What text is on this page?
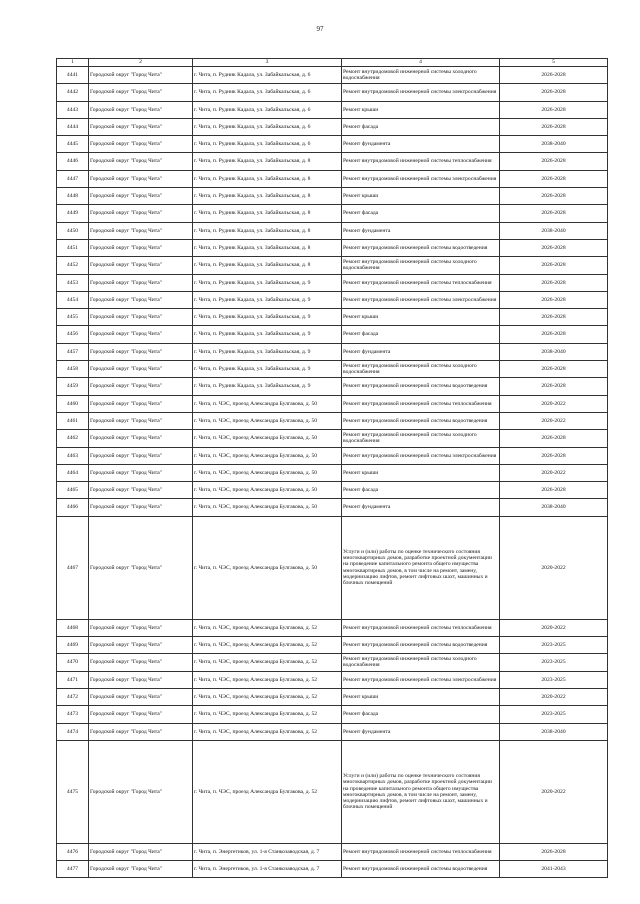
97
1	2	3	4	5
4441	Городской округ "Город Чита"	г. Чита, п. Рудник Кадала, ул. Забайкальская, д. 6	Ремонт внутридомовой инженерной системы холодного водоснабжения	2026-2028
4442	Городской округ "Город Чита"	г. Чита, п. Рудник Кадала, ул. Забайкальская, д. 6	Ремонт внутридомовой инженерной системы электроснабжения	2026-2028
4443	Городской округ "Город Чита"	г. Чита, п. Рудник Кадала, ул. Забайкальская, д. 6	Ремонт крыши	2026-2028
4444	Городской округ "Город Чита"	г. Чита, п. Рудник Кадала, ул. Забайкальская, д. 6	Ремонт фасада	2026-2028
4445	Городской округ "Город Чита"	г. Чита, п. Рудник Кадала, ул. Забайкальская, д. 6	Ремонт фундамента	2038-2040
4446	Городской округ "Город Чита"	г. Чита, п. Рудник Кадала, ул. Забайкальская, д. 8	Ремонт внутридомовой инженерной системы теплоснабжения	2026-2028
4447	Городской округ "Город Чита"	г. Чита, п. Рудник Кадала, ул. Забайкальская, д. 8	Ремонт внутридомовой инженерной системы электроснабжения	2026-2028
4448	Городской округ "Город Чита"	г. Чита, п. Рудник Кадала, ул. Забайкальская, д. 8	Ремонт крыши	2026-2028
4449	Городской округ "Город Чита"	г. Чита, п. Рудник Кадала, ул. Забайкальская, д. 8	Ремонт фасада	2026-2028
4450	Городской округ "Город Чита"	г. Чита, п. Рудник Кадала, ул. Забайкальская, д. 8	Ремонт фундамента	2038-2040
4451	Городской округ "Город Чита"	г. Чита, п. Рудник Кадала, ул. Забайкальская, д. 8	Ремонт внутридомовой инженерной системы водоотведения	2026-2028
4452	Городской округ "Город Чита"	г. Чита, п. Рудник Кадала, ул. Забайкальская, д. 8	Ремонт внутридомовой инженерной системы холодного водоснабжения	2026-2028
4453	Городской округ "Город Чита"	г. Чита, п. Рудник Кадала, ул. Забайкальская, д. 9	Ремонт внутридомовой инженерной системы теплоснабжения	2026-2028
4454	Городской округ "Город Чита"	г. Чита, п. Рудник Кадала, ул. Забайкальская, д. 9	Ремонт внутридомовой инженерной системы электроснабжения	2026-2028
4455	Городской округ "Город Чита"	г. Чита, п. Рудник Кадала, ул. Забайкальская, д. 9	Ремонт крыши	2026-2028
4456	Городской округ "Город Чита"	г. Чита, п. Рудник Кадала, ул. Забайкальская, д. 9	Ремонт фасада	2026-2028
4457	Городской округ "Город Чита"	г. Чита, п. Рудник Кадала, ул. Забайкальская, д. 9	Ремонт фундамента	2038-2040
4458	Городской округ "Город Чита"	г. Чита, п. Рудник Кадала, ул. Забайкальская, д. 9	Ремонт внутридомовой инженерной системы холодного водоснабжения	2026-2028
4459	Городской округ "Город Чита"	г. Чита, п. Рудник Кадала, ул. Забайкальская, д. 9	Ремонт внутридомовой инженерной системы водоотведения	2026-2028
4460	Городской округ "Город Чита"	г. Чита, п. ЧЭС, проезд Александра Булгакова, д. 50	Ремонт внутридомовой инженерной системы теплоснабжения	2020-2022
4461	Городской округ "Город Чита"	г. Чита, п. ЧЭС, проезд Александра Булгакова, д. 50	Ремонт внутридомовой инженерной системы водоотведения	2020-2022
4462	Городской округ "Город Чита"	г. Чита, п. ЧЭС, проезд Александра Булгакова, д. 50	Ремонт внутридомовой инженерной системы холодного водоснабжения	2026-2028
4463	Городской округ "Город Чита"	г. Чита, п. ЧЭС, проезд Александра Булгакова, д. 50	Ремонт внутридомовой инженерной системы электроснабжения	2026-2028
4464	Городской округ "Город Чита"	г. Чита, п. ЧЭС, проезд Александра Булгакова, д. 50	Ремонт крыши	2020-2022
4465	Городской округ "Город Чита"	г. Чита, п. ЧЭС, проезд Александра Булгакова, д. 50	Ремонт фасада	2026-2028
4466	Городской округ "Город Чита"	г. Чита, п. ЧЭС, проезд Александра Булгакова, д. 50	Ремонт фундамента	2038-2040
4467	Городской округ "Город Чита"	г. Чита, п. ЧЭС, проезд Александра Булгакова, д. 50	Услуги и (или) работы по оценке технического состояния многоквартирных домов, разработке проектной документации на проведение капитального ремонта общего имущества многоквартирных домов, в том числе на ремонт, замену, модернизацию лифтов, ремонт лифтовых шахт, машинных и блочных помещений	2020-2022
4468	Городской округ "Город Чита"	г. Чита, п. ЧЭС, проезд Александра Булгакова, д. 52	Ремонт внутридомовой инженерной системы теплоснабжения	2020-2022
4469	Городской округ "Город Чита"	г. Чита, п. ЧЭС, проезд Александра Булгакова, д. 52	Ремонт внутридомовой инженерной системы водоотведения	2023-2025
4470	Городской округ "Город Чита"	г. Чита, п. ЧЭС, проезд Александра Булгакова, д. 52	Ремонт внутридомовой инженерной системы холодного водоснабжения	2023-2025
4471	Городской округ "Город Чита"	г. Чита, п. ЧЭС, проезд Александра Булгакова, д. 52	Ремонт внутридомовой инженерной системы электроснабжения	2023-2025
4472	Городской округ "Город Чита"	г. Чита, п. ЧЭС, проезд Александра Булгакова, д. 52	Ремонт крыши	2020-2022
4473	Городской округ "Город Чита"	г. Чита, п. ЧЭС, проезд Александра Булгакова, д. 52	Ремонт фасада	2023-2025
4474	Городской округ "Город Чита"	г. Чита, п. ЧЭС, проезд Александра Булгакова, д. 52	Ремонт фундамента	2038-2040
4475	Городской округ "Город Чита"	г. Чита, п. ЧЭС, проезд Александра Булгакова, д. 52	Услуги и (или) работы по оценке технического состояния многоквартирных домов, разработке проектной документации на проведение капитального ремонта общего имущества многоквартирных домов, в том числе на ремонт, замену, модернизацию лифтов, ремонт лифтовых шахт, машинных и блочных помещений	2020-2022
4476	Городской округ "Город Чита"	г. Чита, п. Энергетиков, ул. 1-я Станкозаводская, д. 7	Ремонт внутридомовой инженерной системы теплоснабжения	2026-2028
4477	Городской округ "Город Чита"	г. Чита, п. Энергетиков, ул. 1-я Станкозаводская, д. 7	Ремонт внутридомовой инженерной системы водоотведения	2041-2043
